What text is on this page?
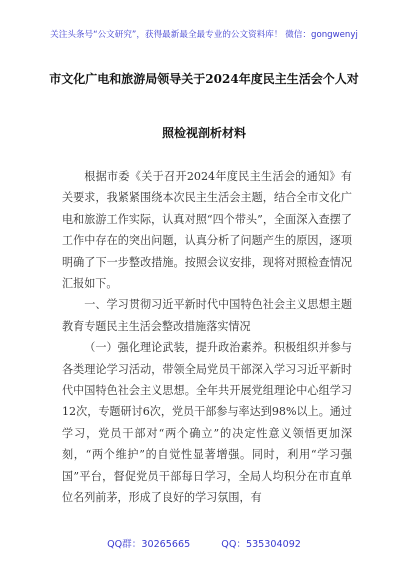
关注头条号“公文研究”，获得最新最全最专业的公文资料库！ 微信：gongwenyj
市文化广电和旅游局领导关于2024年度民主生活会个人对
照检视剖析材料

根据市委《关于召开2024年度民主生活会的通知》有关要求，我紧紧围绕本次民主生活会主题，结合全市文化广电和旅游工作实际，认真对照“四个带头”，全面深入查摆了工作中存在的突出问题，认真分析了问题产生的原因，逐项明确了下一步整改措施。按照会议安排，现将对照检查情况汇报如下。

一、学习贯彻习近平新时代中国特色社会主义思想主题教育专题民主生活会整改措施落实情况

（一）强化理论武装，提升政治素养。积极组织并参与各类理论学习活动，带领全局党员干部深入学习习近平新时代中国特色社会主义思想。全年共开展党组理论中心组学习12次，专题研讨6次，党员干部参与率达到98%以上。通过学习，党员干部对“两个确立”的决定性意义领悟更加深刻，“两个维护”的自觉性显著增强。同时，利用“学习强国”平台，督促党员干部每日学习，全局人均积分在市直单位名列前茅，形成了良好的学习氛围，有

QQ群：30265665	QQ：535304092
